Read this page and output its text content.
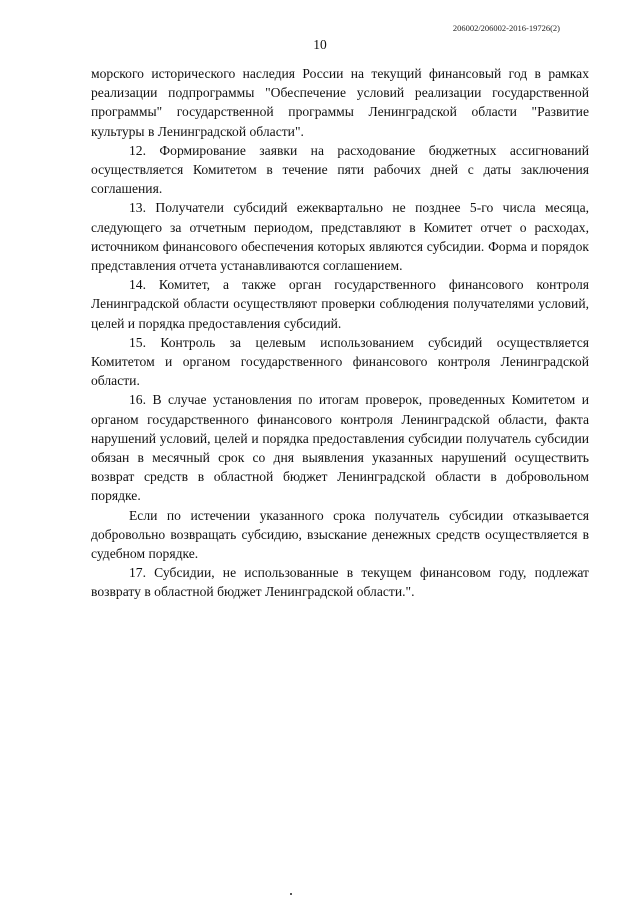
206002/206002-2016-19726(2)
10

морского исторического наследия России на текущий финансовый год в рамках реализации подпрограммы "Обеспечение условий реализации государственной программы" государственной программы Ленинградской области "Развитие культуры в Ленинградской области".

12. Формирование заявки на расходование бюджетных ассигнований осуществляется Комитетом в течение пяти рабочих дней с даты заключения соглашения.

13. Получатели субсидий ежеквартально не позднее 5-го числа месяца, следующего за отчетным периодом, представляют в Комитет отчет о расходах, источником финансового обеспечения которых являются субсидии. Форма и порядок представления отчета устанавливаются соглашением.

14. Комитет, а также орган государственного финансового контроля Ленинградской области осуществляют проверки соблюдения получателями условий, целей и порядка предоставления субсидий.

15. Контроль за целевым использованием субсидий осуществляется Комитетом и органом государственного финансового контроля Ленинградской области.

16. В случае установления по итогам проверок, проведенных Комитетом и органом государственного финансового контроля Ленинградской области, факта нарушений условий, целей и порядка предоставления субсидии получатель субсидии обязан в месячный срок со дня выявления указанных нарушений осуществить возврат средств в областной бюджет Ленинградской области в добровольном порядке.

Если по истечении указанного срока получатель субсидии отказывается добровольно возвращать субсидию, взыскание денежных средств осуществляется в судебном порядке.

17. Субсидии, не использованные в текущем финансовом году, подлежат возврату в областной бюджет Ленинградской области.".
